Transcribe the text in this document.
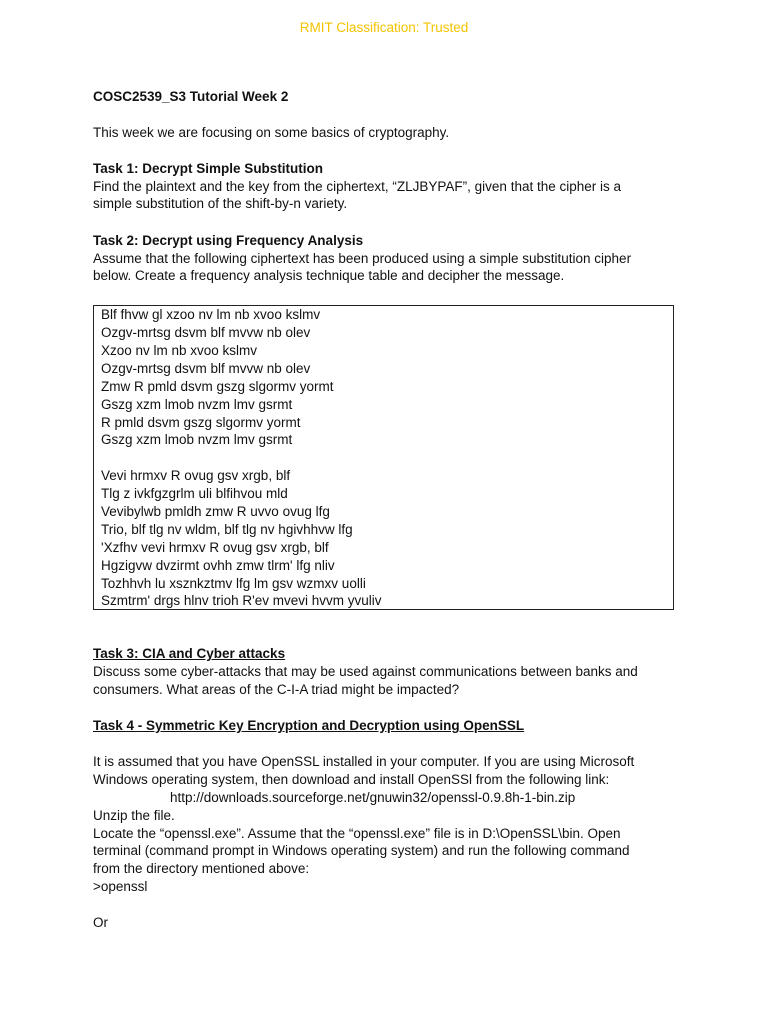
RMIT Classification: Trusted

COSC2539_S3 Tutorial Week 2

This week we are focusing on some basics of cryptography.

Task 1: Decrypt Simple Substitution

Find the plaintext and the key from the ciphertext, “ZLJBYPAF”, given that the cipher is a

simple substitution of the shift-by-n variety.

Task 2: Decrypt using Frequency Analysis

Assume that the following ciphertext has been produced using a simple substitution cipher

below. Create a frequency analysis technique table and decipher the message.

Blf fhvw gl xzoo nv lm nb xvoo kslmv
Ozgv-mrtsg dsvm blf mvvw nb olev
Xzoo nv lm nb xvoo kslmv
Ozgv-mrtsg dsvm blf mvvw nb olev
Zmw R pmld dsvm gszg slgormv yormt
Gszg xzm lmob nvzm lmv gsrmt
R pmld dsvm gszg slgormv yormt
Gszg xzm lmob nvzm lmv gsrmt
Vevi hrmxv R ovug gsv xrgb, blf
Tlg z ivkfgzgrlm uli blfihvou mld
Vevibylwb pmldh zmw R uvvo ovug lfg
Trio, blf tlg nv wldm, blf tlg nv hgivhhvw lfg
'Xzfhv vevi hrmxv R ovug gsv xrgb, blf
Hgzigvw dvzirmt ovhh zmw tlrm' lfg nliv
Tozhhvh lu xsznkztmv lfg lm gsv wzmxv uolli
Szmtrm' drgs hlnv trioh R'ev mvevi hvvm yvuliv

Task 3: CIA and Cyber attacks

Discuss some cyber-attacks that may be used against communications between banks and

consumers. What areas of the C-I-A triad might be impacted?

Task 4 - Symmetric Key Encryption and Decryption using OpenSSL

It is assumed that you have OpenSSL installed in your computer. If you are using Microsoft

Windows operating system, then download and install OpenSSl from the following link:

http://downloads.sourceforge.net/gnuwin32/openssl-0.9.8h-1-bin.zip

Unzip the file.

Locate the “openssl.exe”. Assume that the “openssl.exe” file is in D:\OpenSSL\bin. Open

terminal (command prompt in Windows operating system) and run the following command

from the directory mentioned above:

>openssl

Or
